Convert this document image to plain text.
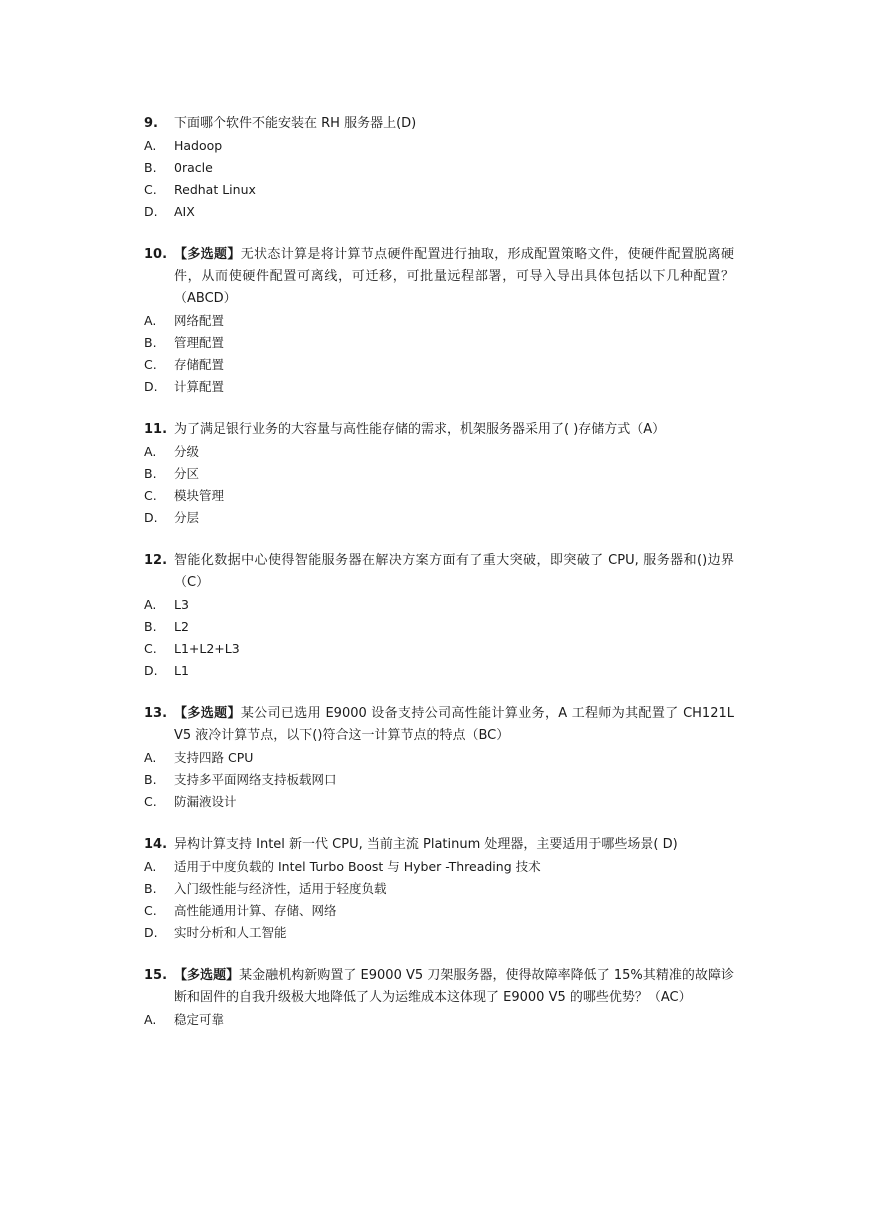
9.	下面哪个软件不能安装在 RH 服务器上(D)
A.	Hadoop
B.	0racle
C.	Redhat Linux
D.	AIX
10. 【多选题】无状态计算是将计算节点硬件配置进行抽取，形成配置策略文件，使硬件配置脱离硬件，从而使硬件配置可离线，可迁移，可批量远程部署，可导入导出具体包括以下几种配置？（ABCD）
A.	网络配置
B.	管理配置
C.	存储配置
D.	计算配置
11. 为了满足银行业务的大容量与高性能存储的需求，机架服务器采用了( )存储方式（A）
A.	分级
B.	分区
C.	模块管理
D.	分层
12. 智能化数据中心使得智能服务器在解决方案方面有了重大突破，即突破了 CPU, 服务器和()边界（C）
A.	L3
B.	L2
C.	L1+L2+L3
D.	L1
13. 【多选题】某公司已选用 E9000 设备支持公司高性能计算业务，A 工程师为其配置了 CH121L V5 液冷计算节点，以下()符合这一计算节点的特点（BC）
A.	支持四路 CPU
B.	支持多平面网络支持板载网口
C.	防漏液设计
14. 异构计算支持 Intel 新一代 CPU, 当前主流 Platinum 处理器，主要适用于哪些场景( D)
A.	适用于中度负载的 Intel Turbo Boost 与 Hyber -Threading 技术
B.	入门级性能与经济性，适用于轻度负载
C.	高性能通用计算、存储、网络
D.	实时分析和人工智能
15. 【多选题】某金融机构新购置了 E9000 V5 刀架服务器，使得故障率降低了 15%其精准的故障诊断和固件的自我升级极大地降低了人为运维成本这体现了 E9000 V5 的哪些优势？（AC）
A.	稳定可靠
